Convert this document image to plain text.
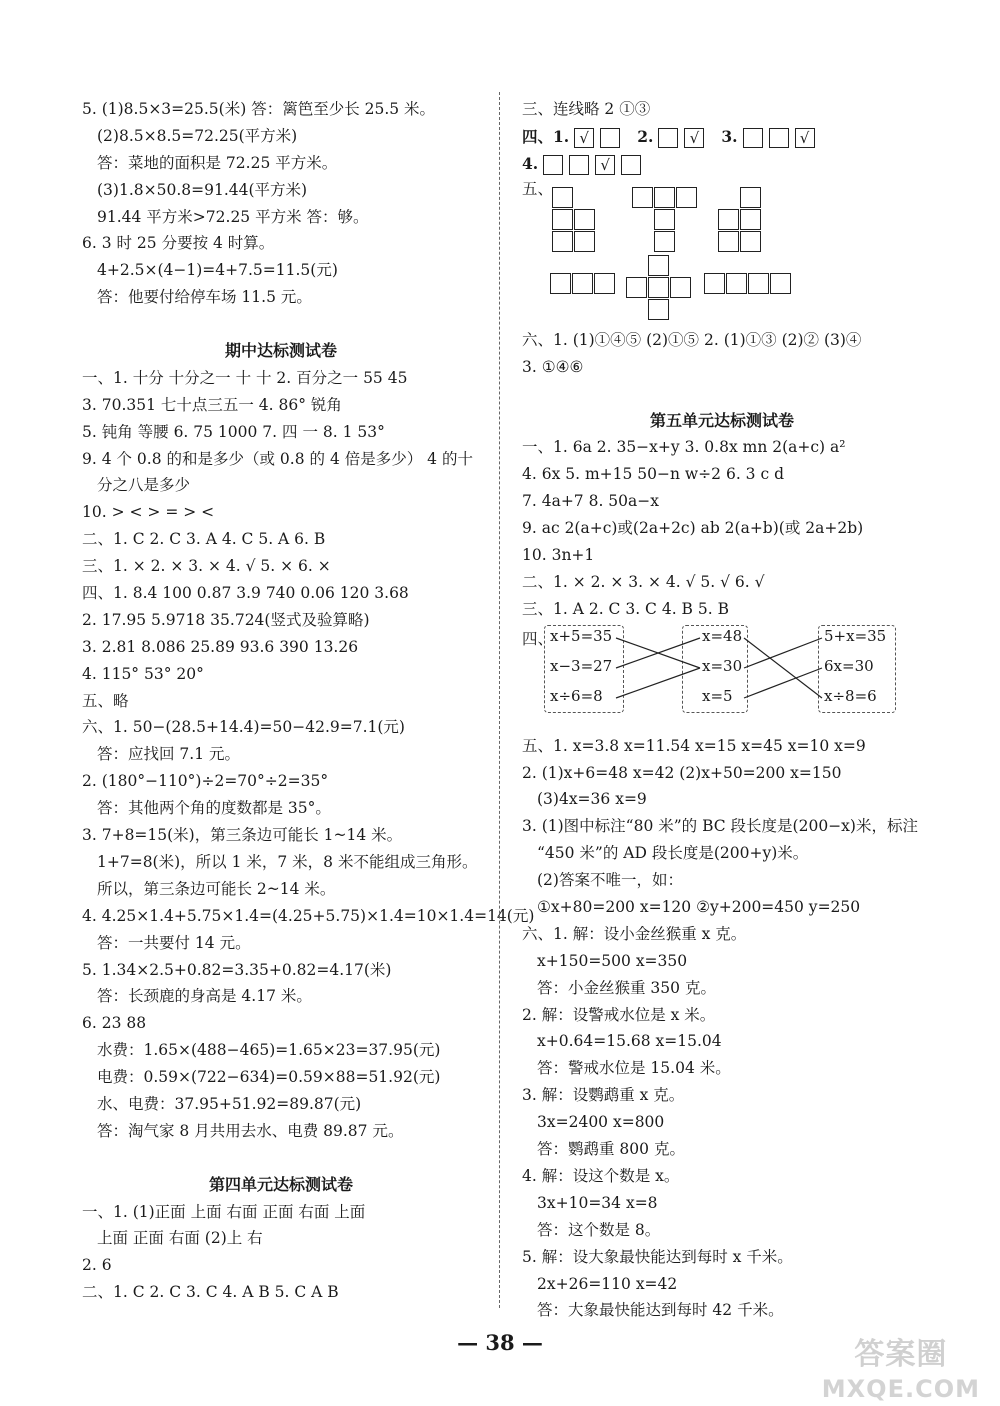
5. (1)8.5×3=25.5(米) 答：篱笆至少长 25.5 米。
(2)8.5×8.5=72.25(平方米)
答：菜地的面积是 72.25 平方米。
(3)1.8×50.8=91.44(平方米)
91.44 平方米>72.25 平方米 答：够。
6. 3 时 25 分要按 4 时算。
4+2.5×(4−1)=4+7.5=11.5(元)
答：他要付给停车场 11.5 元。
期中达标测试卷
一、1. 十分 十分之一 十 十 2. 百分之一 55 45
3. 70.351 七十点三五一 4. 86° 锐角
5. 钝角 等腰 6. 75 1000 7. 四 一 8. 1 53°
9. 4 个 0.8 的和是多少（或 0.8 的 4 倍是多少） 4 的十
分之八是多少
10. > < > = > <
二、1. C 2. C 3. A 4. C 5. A 6. B
三、1. × 2. × 3. × 4. √ 5. × 6. ×
四、1. 8.4 100 0.87 3.9 740 0.06 120 3.68
2. 17.95 5.9718 35.724(竖式及验算略)
3. 2.81 8.086 25.89 93.6 390 13.26
4. 115° 53° 20°
五、略
六、1. 50−(28.5+14.4)=50−42.9=7.1(元)
答：应找回 7.1 元。
2. (180°−110°)÷2=70°÷2=35°
答：其他两个角的度数都是 35°。
3. 7+8=15(米)，第三条边可能长 1~14 米。
1+7=8(米)，所以 1 米，7 米，8 米不能组成三角形。
所以，第三条边可能长 2~14 米。
4. 4.25×1.4+5.75×1.4=(4.25+5.75)×1.4=10×1.4=14(元)
答：一共要付 14 元。
5. 1.34×2.5+0.82=3.35+0.82=4.17(米)
答：长颈鹿的身高是 4.17 米。
6. 23 88
水费：1.65×(488−465)=1.65×23=37.95(元)
电费：0.59×(722−634)=0.59×88=51.92(元)
水、电费：37.95+51.92=89.87(元)
答：淘气家 8 月共用去水、电费 89.87 元。
第四单元达标测试卷
一、1. (1)正面 上面 右面 正面 右面 上面
上面 正面 右面 (2)上 右
2. 6
二、1. C 2. C 3. C 4. A B 5. C A B
三、连线略 2 ①③
四、1. √	2. √ 3.	√
4.	√
五、
六、1. (1)①④⑤ (2)①⑤ 2. (1)①③ (2)② (3)④
3. ①④⑥
第五单元达标测试卷
一、1. 6a 2. 35−x+y 3. 0.8x mn 2(a+c) a²
4. 6x 5. m+15 50−n w÷2 6. 3 c d
7. 4a+7 8. 50a−x
9. ac 2(a+c)或(2a+2c) ab 2(a+b)(或 2a+2b)
10. 3n+1
二、1. × 2. × 3. × 4. √ 5. √ 6. √
三、1. A 2. C 3. C 4. B 5. B
四、
x+5=35
x−3=27
x÷6=8
x=48
x=30
x=5
5+x=35
6x=30
x÷8=6
五、1. x=3.8 x=11.54 x=15 x=45 x=10 x=9
2. (1)x+6=48 x=42 (2)x+50=200 x=150
(3)4x=36 x=9
3. (1)图中标注“80 米”的 BC 段长度是(200−x)米，标注
“450 米”的 AD 段长度是(200+y)米。
(2)答案不唯一，如：
①x+80=200 x=120 ②y+200=450 y=250
六、1. 解：设小金丝猴重 x 克。
x+150=500 x=350
答：小金丝猴重 350 克。
2. 解：设警戒水位是 x 米。
x+0.64=15.68 x=15.04
答：警戒水位是 15.04 米。
3. 解：设鹦鹉重 x 克。
3x=2400 x=800
答：鹦鹉重 800 克。
4. 解：设这个数是 x。
3x+10=34 x=8
答：这个数是 8。
5. 解：设大象最快能达到每时 x 千米。
2x+26=110 x=42
答：大象最快能达到每时 42 千米。
— 38 —	答案圈
MXQE.COM
